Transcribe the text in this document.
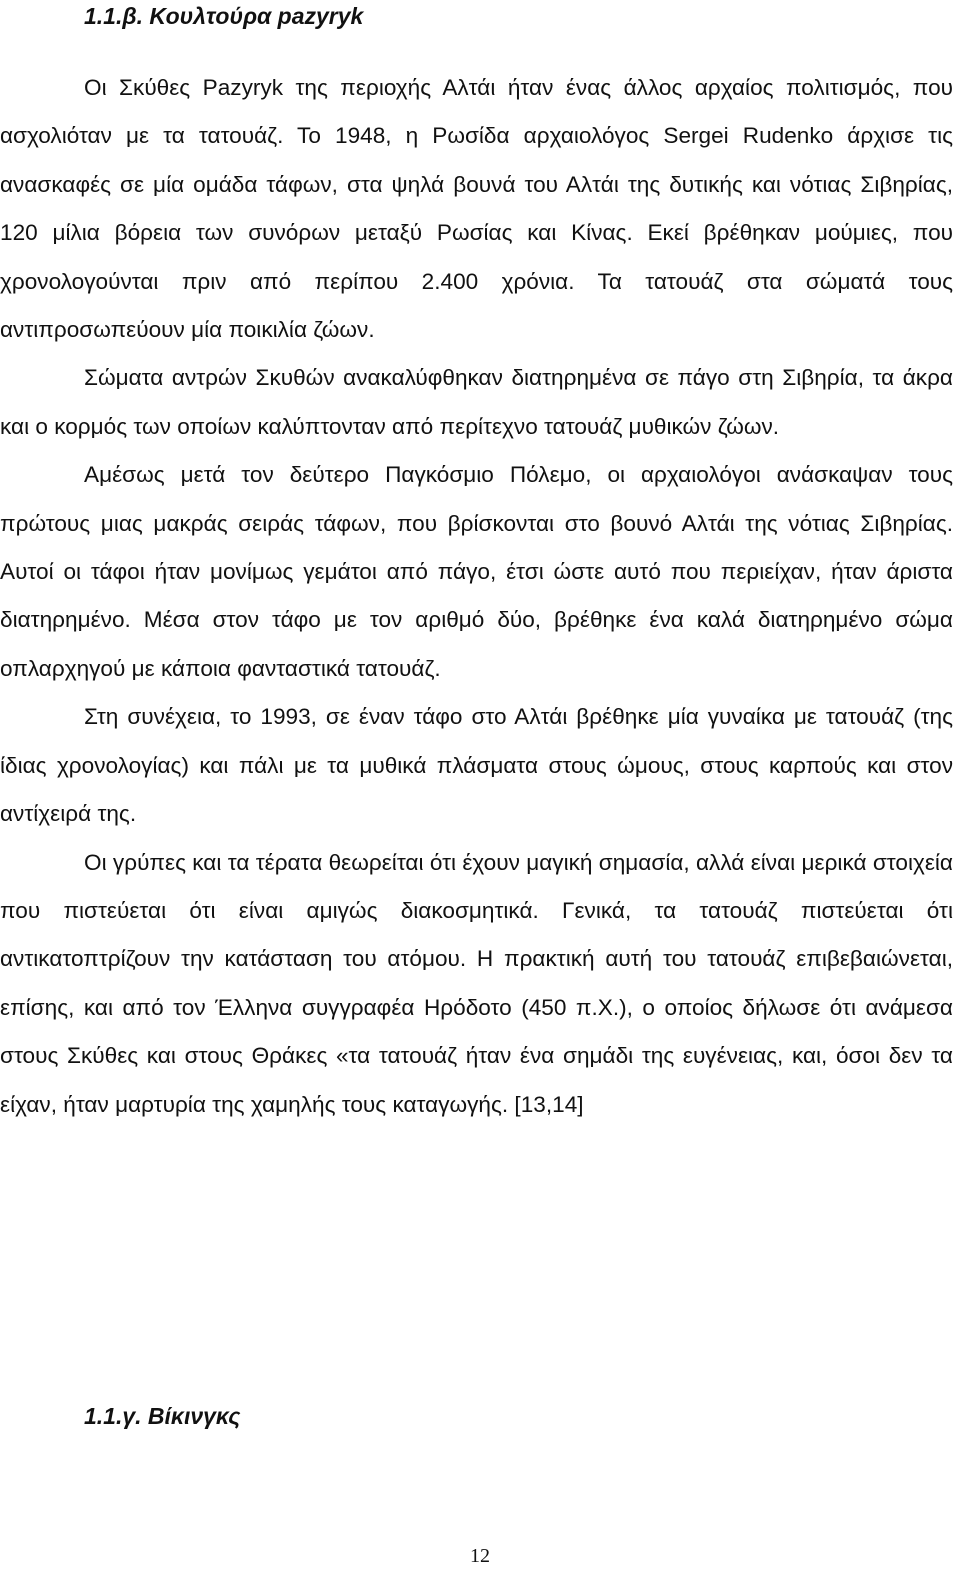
1.1.β. Κουλτούρα pazyryk

Οι Σκύθες Pazyryk της περιοχής Αλτάι ήταν ένας άλλος αρχαίος πολιτισμός, που ασχολιόταν με τα τατουάζ. Το 1948, η Ρωσίδα αρχαιολόγος Sergei Rudenko άρχισε τις ανασκαφές σε μία ομάδα τάφων, στα ψηλά βουνά του Αλτάι της δυτικής και νότιας Σιβηρίας, 120 μίλια βόρεια των συνόρων μεταξύ Ρωσίας και Κίνας. Εκεί βρέθηκαν μούμιες, που χρονολογούνται πριν από περίπου 2.400 χρόνια. Τα τατουάζ στα σώματά τους αντιπροσωπεύουν μία ποικιλία ζώων.

Σώματα αντρών Σκυθών ανακαλύφθηκαν διατηρημένα σε πάγο στη Σιβηρία, τα άκρα και ο κορμός των οποίων καλύπτονταν από περίτεχνο τατουάζ μυθικών ζώων.

Αμέσως μετά τον δεύτερο Παγκόσμιο Πόλεμο, οι αρχαιολόγοι ανάσκαψαν τους πρώτους μιας μακράς σειράς τάφων, που βρίσκονται στο βουνό Αλτάι της νότιας Σιβηρίας. Αυτοί οι τάφοι ήταν μονίμως γεμάτοι από πάγο, έτσι ώστε αυτό που περιείχαν, ήταν άριστα διατηρημένο. Μέσα στον τάφο με τον αριθμό δύο, βρέθηκε ένα καλά διατηρημένο σώμα οπλαρχηγού με κάποια φανταστικά τατουάζ.

Στη συνέχεια, το 1993, σε έναν τάφο στο Αλτάι βρέθηκε μία γυναίκα με τατουάζ (της ίδιας χρονολογίας) και πάλι με τα μυθικά πλάσματα στους ώμους, στους καρπούς και στον αντίχειρά της.

Οι γρύπες και τα τέρατα θεωρείται ότι έχουν μαγική σημασία, αλλά είναι μερικά στοιχεία που πιστεύεται ότι είναι αμιγώς διακοσμητικά. Γενικά, τα τατουάζ πιστεύεται ότι αντικατοπτρίζουν την κατάσταση του ατόμου. Η πρακτική αυτή του τατουάζ επιβεβαιώνεται, επίσης, και από τον Έλληνα συγγραφέα Ηρόδοτο (450 π.Χ.), ο οποίος δήλωσε ότι ανάμεσα στους Σκύθες και στους Θράκες «τα τατουάζ ήταν ένα σημάδι της ευγένειας, και, όσοι δεν τα είχαν, ήταν μαρτυρία της χαμηλής τους καταγωγής. [13,14]

1.1.γ. Βίκινγκς
12
